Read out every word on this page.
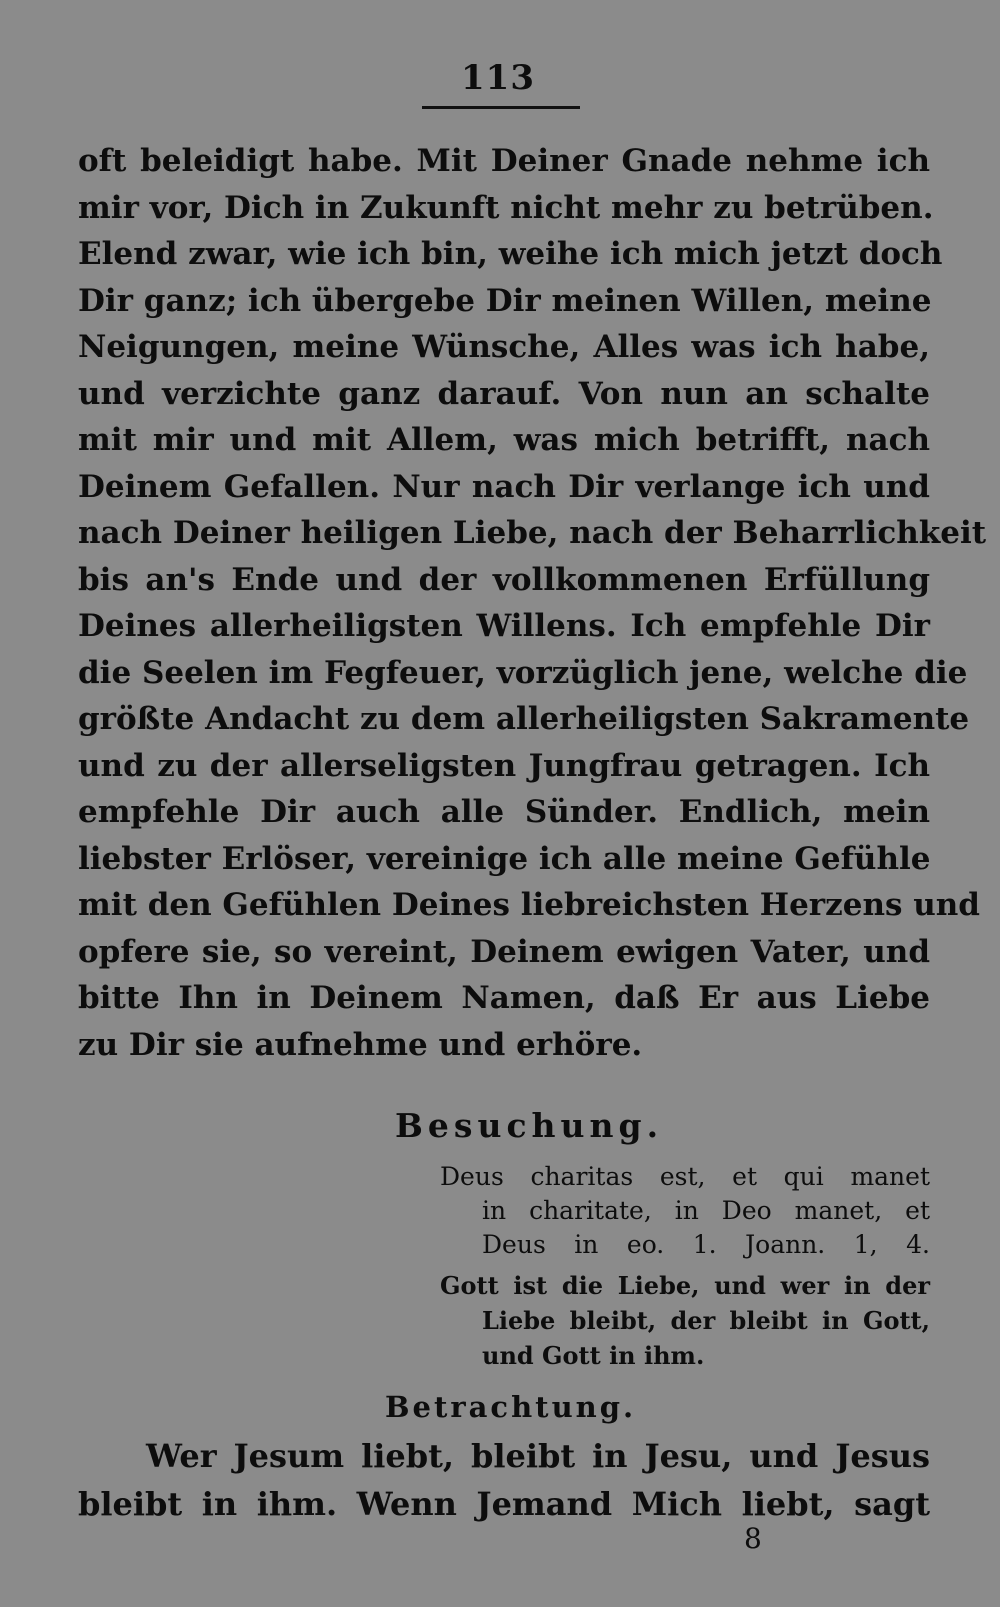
113
oft beleidigt habe. Mit Deiner Gnade nehme ich
mir vor, Dich in Zukunft nicht mehr zu betrüben.
Elend zwar, wie ich bin, weihe ich mich jetzt doch
Dir ganz; ich übergebe Dir meinen Willen, meine
Neigungen, meine Wünsche, Alles was ich habe,
und verzichte ganz darauf. Von nun an schalte
mit mir und mit Allem, was mich betrifft, nach
Deinem Gefallen. Nur nach Dir verlange ich und
nach Deiner heiligen Liebe, nach der Beharrlichkeit
bis an's Ende und der vollkommenen Erfüllung
Deines allerheiligsten Willens. Ich empfehle Dir
die Seelen im Fegfeuer, vorzüglich jene, welche die
größte Andacht zu dem allerheiligsten Sakramente
und zu der allerseligsten Jungfrau getragen. Ich
empfehle Dir auch alle Sünder. Endlich, mein
liebster Erlöser, vereinige ich alle meine Gefühle
mit den Gefühlen Deines liebreichsten Herzens und
opfere sie, so vereint, Deinem ewigen Vater, und
bitte Ihn in Deinem Namen, daß Er aus Liebe
zu Dir sie aufnehme und erhöre.
Besuchung.
Deus charitas est, et qui manet
in charitate, in Deo manet, et
Deus in eo. 1. Joann. 1, 4.
Gott ist die Liebe, und wer in der
Liebe bleibt, der bleibt in Gott,
und Gott in ihm.
Betrachtung.
Wer Jesum liebt, bleibt in Jesu, und Jesus
bleibt in ihm. Wenn Jemand Mich liebt, sagt
8
